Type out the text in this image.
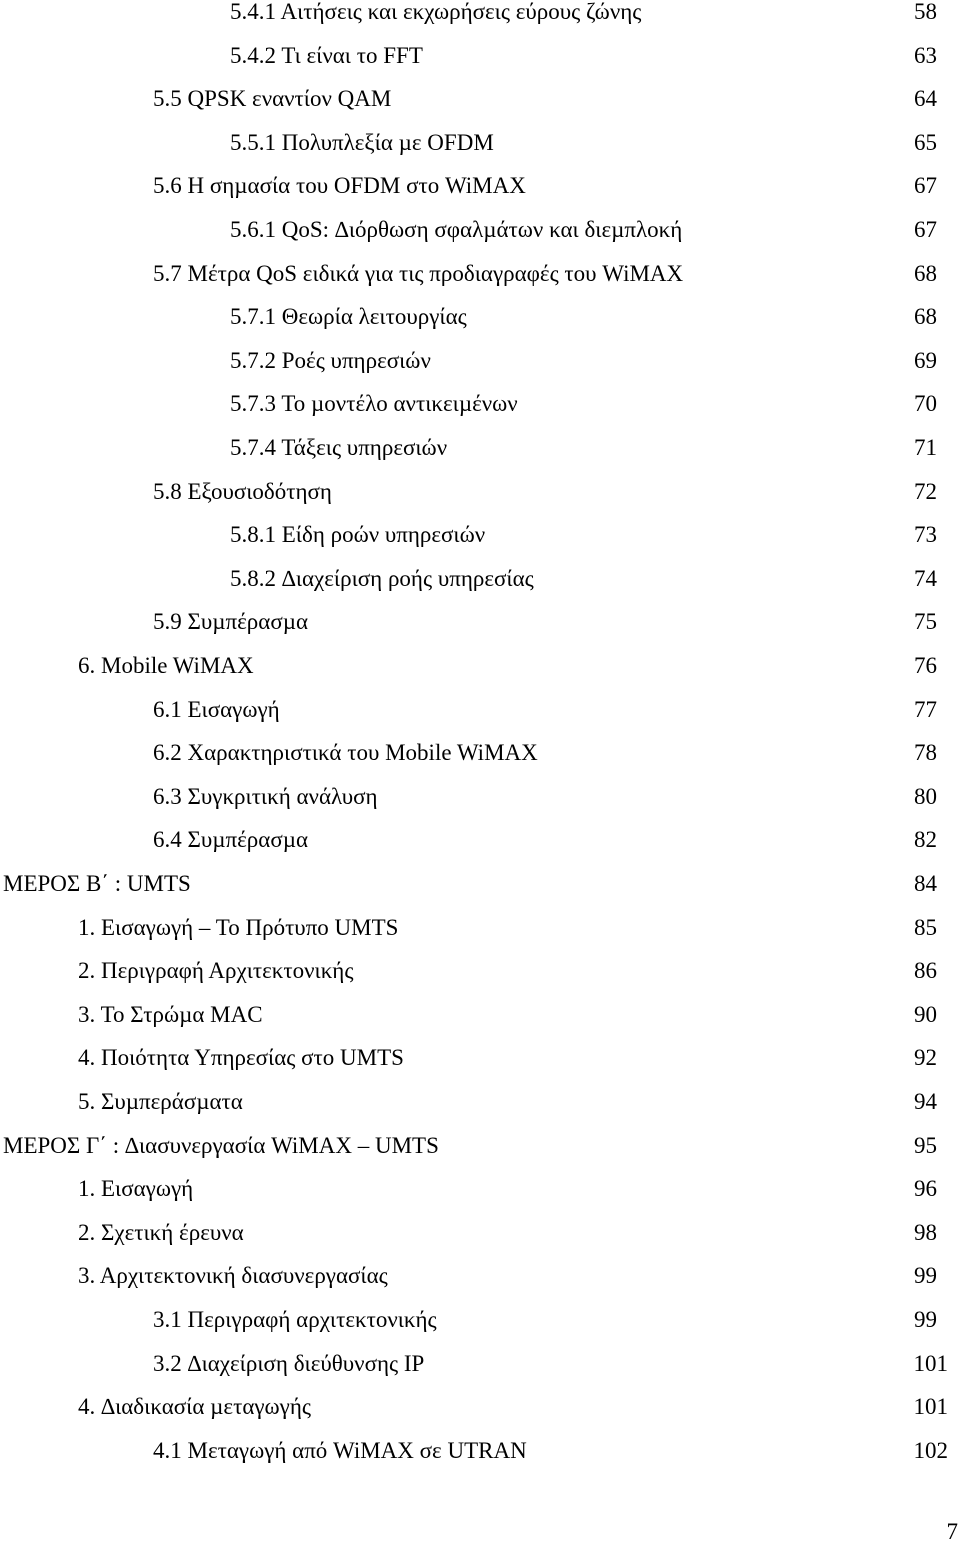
5.4.1 Αιτήσεις και εκχωρήσεις εύρους ζώνης	58
5.4.2 Τι είναι το FFT	63
5.5 QPSK εναντίον QAM	64
5.5.1 Πολυπλεξία µε OFDM	65
5.6 Η σηµασία του OFDM στο WiMAX	67
5.6.1 QoS: ∆ιόρθωση σφαλµάτων και διεµπλοκή	67
5.7 Μέτρα QoS ειδικά για τις προδιαγραφές του WiMAX	68
5.7.1 Θεωρία λειτουργίας	68
5.7.2 Ροές υπηρεσιών	69
5.7.3 Το µοντέλο αντικειµένων	70
5.7.4 Τάξεις υπηρεσιών	71
5.8 Εξουσιοδότηση	72
5.8.1 Είδη ροών υπηρεσιών	73
5.8.2 ∆ιαχείριση ροής υπηρεσίας	74
5.9 Συµπέρασµα	75
6. Mobile WiMAX	76
6.1 Εισαγωγή	77
6.2 Χαρακτηριστικά του Mobile WiMAX	78
6.3 Συγκριτική ανάλυση	80
6.4 Συµπέρασµα	82
ΜΕΡΟΣ Β΄ : UMTS	84
1. Εισαγωγή – Το Πρότυπο UMTS	85
2. Περιγραφή Αρχιτεκτονικής	86
3. Το Στρώµα MAC	90
4. Ποιότητα Υπηρεσίας στο UMTS	92
5. Συµπεράσµατα	94
ΜΕΡΟΣ Γ΄ : ∆ιασυνεργασία WiMAX – UMTS	95
1. Εισαγωγή	96
2. Σχετική έρευνα	98
3. Αρχιτεκτονική διασυνεργασίας	99
3.1 Περιγραφή αρχιτεκτονικής	99
3.2 ∆ιαχείριση διεύθυνσης IP	101
4. ∆ιαδικασία µεταγωγής	101
4.1 Μεταγωγή από WiMAX σε UTRAN	102
7
